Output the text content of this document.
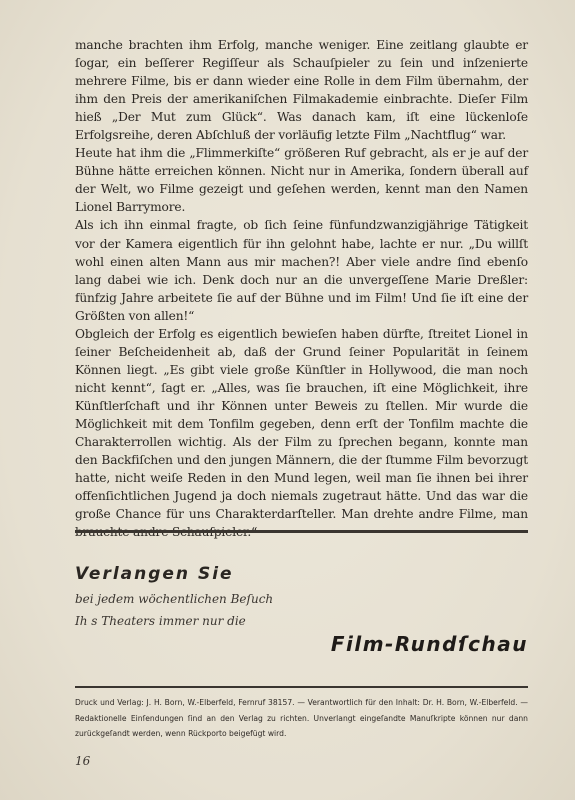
manche brachten ihm Erfolg, manche weniger. Eine zeitlang glaubte er ſogar, ein beſſerer Regiſſeur als Schauſpieler zu ſein und inſzenierte mehrere Filme, bis er dann wieder eine Rolle in dem Film übernahm, der ihm den Preis der amerikaniſchen Filmakademie einbrachte. Dieſer Film hieß „Der Mut zum Glück“. Was danach kam, iſt eine lückenloſe Erfolgsreihe, deren Abſchluß der vorläufig letzte Film „Nachtflug“ war.

Heute hat ihm die „Flimmerkiſte“ größeren Ruf gebracht, als er je auf der Bühne hätte erreichen können. Nicht nur in Amerika, ſondern überall auf der Welt, wo Filme gezeigt und geſehen werden, kennt man den Namen Lionel Barrymore.

Als ich ihn einmal fragte, ob ſich ſeine fünfundzwanzigjährige Tätigkeit vor der Kamera eigentlich für ihn gelohnt habe, lachte er nur. „Du willſt wohl einen alten Mann aus mir machen?! Aber viele andre ſind ebenſo lang dabei wie ich. Denk doch nur an die unvergeſſene Marie Dreßler: fünfzig Jahre arbeitete ſie auf der Bühne und im Film! Und ſie iſt eine der Größten von allen!“

Obgleich der Erfolg es eigentlich bewieſen haben dürfte, ſtreitet Lionel in ſeiner Beſcheidenheit ab, daß der Grund ſeiner Popularität in ſeinem Können liegt. „Es gibt viele große Künſtler in Hollywood, die man noch nicht kennt“, ſagt er. „Alles, was ſie brauchen, iſt eine Möglichkeit, ihre Künſtlerſchaft und ihr Können unter Beweis zu ſtellen. Mir wurde die Möglichkeit mit dem Tonfilm gegeben, denn erſt der Tonfilm machte die Charakterrollen wichtig. Als der Film zu ſprechen begann, konnte man den Backfiſchen und den jungen Männern, die der ſtumme Film bevorzugt hatte, nicht weiſe Reden in den Mund legen, weil man ſie ihnen bei ihrer offenſichtlichen Jugend ja doch niemals zugetraut hätte. Und das war die große Chance für uns Charakterdarſteller. Man drehte andre Filme, man

Verlangen Sie
bei jedem wöchentlichen Beſuch
Ih s Theaters immer nur die
Film-Rundſchau

Druck und Verlag: J. H. Born, W.-Elberfeld, Fernruf 38157. — Verantwortlich für den Inhalt: Dr. H. Born, W.-Elberfeld. — Redaktionelle Einſendungen ſind an den Verlag zu richten. Unverlangt eingeſandte Manuſkripte können nur dann zurückgeſandt werden, wenn Rückporto beigefügt wird.

16
